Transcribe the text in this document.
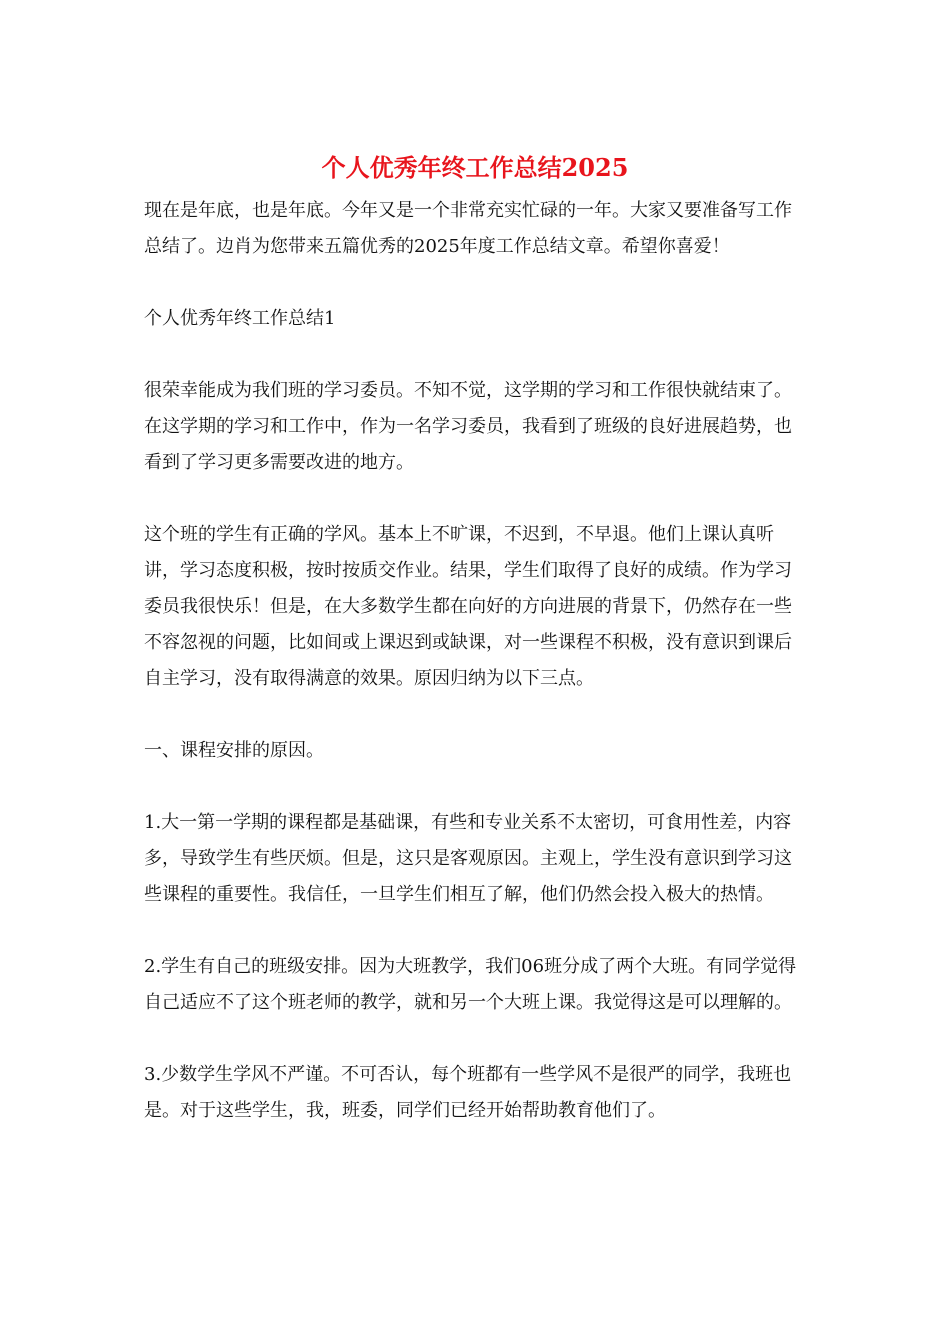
个人优秀年终工作总结2025

现在是年底，也是年底。今年又是一个非常充实忙碌的一年。大家又要准备写工作总结了。边肖为您带来五篇优秀的2025年度工作总结文章。希望你喜爱！

个人优秀年终工作总结1

很荣幸能成为我们班的学习委员。不知不觉，这学期的学习和工作很快就结束了。在这学期的学习和工作中，作为一名学习委员，我看到了班级的良好进展趋势，也看到了学习更多需要改进的地方。

这个班的学生有正确的学风。基本上不旷课，不迟到，不早退。他们上课认真听讲，学习态度积极，按时按质交作业。结果，学生们取得了良好的成绩。作为学习委员我很快乐！但是，在大多数学生都在向好的方向进展的背景下，仍然存在一些不容忽视的问题，比如间或上课迟到或缺课，对一些课程不积极，没有意识到课后自主学习，没有取得满意的效果。原因归纳为以下三点。

一、课程安排的原因。

1.大一第一学期的课程都是基础课，有些和专业关系不太密切，可食用性差，内容多，导致学生有些厌烦。但是，这只是客观原因。主观上，学生没有意识到学习这些课程的重要性。我信任，一旦学生们相互了解，他们仍然会投入极大的热情。

2.学生有自己的班级安排。因为大班教学，我们06班分成了两个大班。有同学觉得自己适应不了这个班老师的教学，就和另一个大班上课。我觉得这是可以理解的。

3.少数学生学风不严谨。不可否认，每个班都有一些学风不是很严的同学，我班也是。对于这些学生，我，班委，同学们已经开始帮助教育他们了。
